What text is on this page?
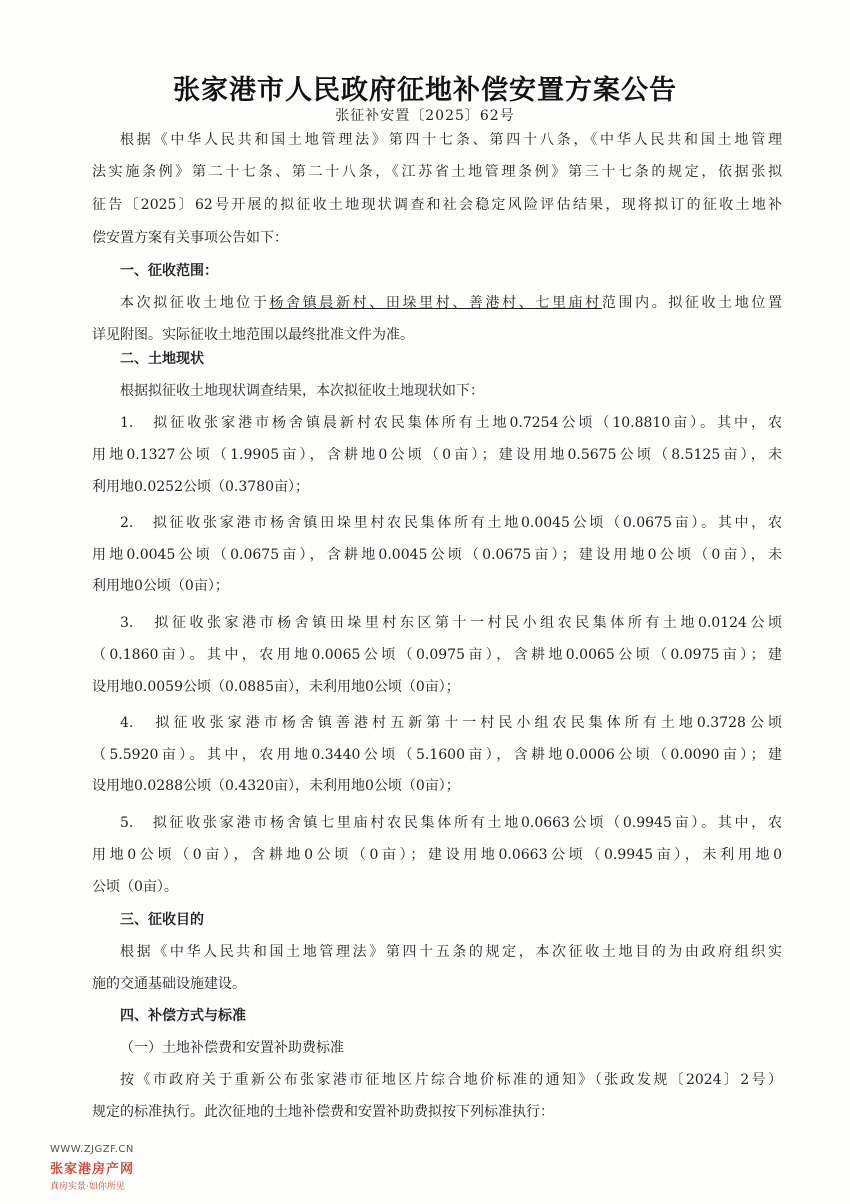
张家港市人民政府征地补偿安置方案公告
张征补安置〔2025〕62号
根据《中华人民共和国土地管理法》第四十七条、第四十八条，《中华人民共和国土地管理
法实施条例》第二十七条、第二十八条，《江苏省土地管理条例》第三十七条的规定，依据张拟
征告〔2025〕62号开展的拟征收土地现状调查和社会稳定风险评估结果，现将拟订的征收土地补
偿安置方案有关事项公告如下：
一、征收范围：
本次拟征收土地位于杨舍镇晨新村、田垛里村、善港村、七里庙村范围内。拟征收土地位置
详见附图。实际征收土地范围以最终批准文件为准。
二、土地现状
根据拟征收土地现状调查结果，本次拟征收土地现状如下：
1.　拟征收张家港市杨舍镇晨新村农民集体所有土地0.7254公顷（10.8810亩）。其中，农
用地0.1327公顷（1.9905亩），含耕地0公顷（0亩）；建设用地0.5675公顷（8.5125亩），未
利用地0.0252公顷（0.3780亩）；
2.　拟征收张家港市杨舍镇田垛里村农民集体所有土地0.0045公顷（0.0675亩）。其中，农
用地0.0045公顷（0.0675亩），含耕地0.0045公顷（0.0675亩）；建设用地0公顷（0亩），未
利用地0公顷（0亩）；
3.　拟征收张家港市杨舍镇田垛里村东区第十一村民小组农民集体所有土地0.0124公顷
（0.1860亩）。其中，农用地0.0065公顷（0.0975亩），含耕地0.0065公顷（0.0975亩）；建
设用地0.0059公顷（0.0885亩），未利用地0公顷（0亩）；
4.　拟征收张家港市杨舍镇善港村五新第十一村民小组农民集体所有土地0.3728公顷
（5.5920亩）。其中，农用地0.3440公顷（5.1600亩），含耕地0.0006公顷（0.0090亩）；建
设用地0.0288公顷（0.4320亩），未利用地0公顷（0亩）；
5.　拟征收张家港市杨舍镇七里庙村农民集体所有土地0.0663公顷（0.9945亩）。其中，农
用地0公顷（0亩），含耕地0公顷（0亩）；建设用地0.0663公顷（0.9945亩），未利用地0
公顷（0亩）。
三、征收目的
根据《中华人民共和国土地管理法》第四十五条的规定，本次征收土地目的为由政府组织实
施的交通基础设施建设。
四、补偿方式与标准
（一）土地补偿费和安置补助费标准
按《市政府关于重新公布张家港市征地区片综合地价标准的通知》（张政发规〔2024〕2号）
规定的标准执行。此次征地的土地补偿费和安置补助费拟按下列标准执行：
WWW.ZJGZF.CN
张家港房产网
真房实景·如你所见
